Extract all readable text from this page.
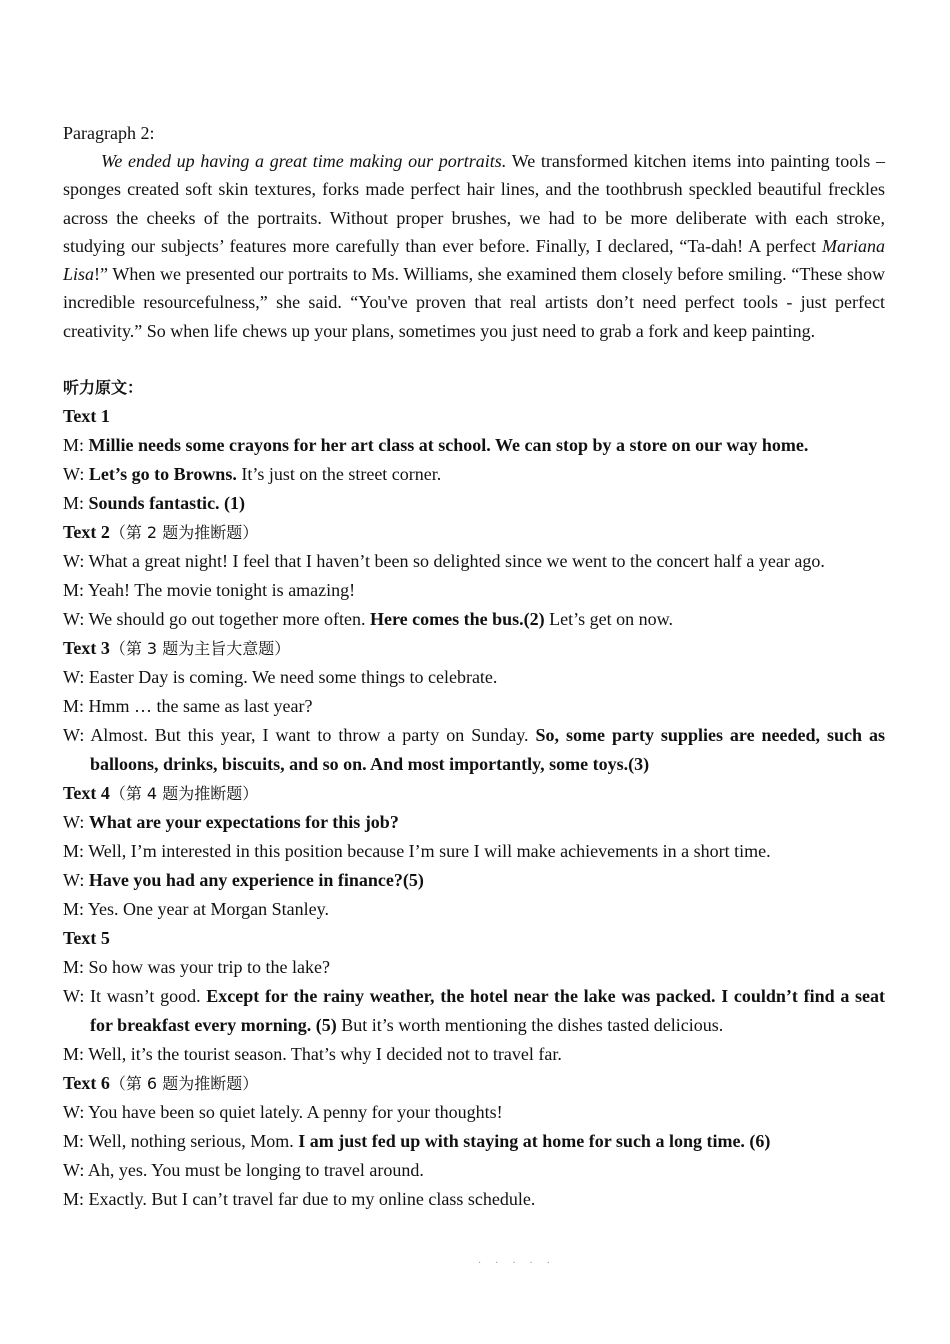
Paragraph 2:

We ended up having a great time making our portraits. We transformed kitchen items into painting tools – sponges created soft skin textures, forks made perfect hair lines, and the toothbrush speckled beautiful freckles across the cheeks of the portraits. Without proper brushes, we had to be more deliberate with each stroke, studying our subjects’ features more carefully than ever before. Finally, I declared, “Ta-dah! A perfect Mariana Lisa!” When we presented our portraits to Ms. Williams, she examined them closely before smiling. “These show incredible resourcefulness,” she said. “You've proven that real artists don’t need perfect tools - just perfect creativity.” So when life chews up your plans, sometimes you just need to grab a fork and keep painting.

听力原文：

Text 1

M: Millie needs some crayons for her art class at school. We can stop by a store on our way home.

W: Let’s go to Browns. It’s just on the street corner.

M: Sounds fantastic. (1)

Text 2（第 2 题为推断题）

W: What a great night! I feel that I haven’t been so delighted since we went to the concert half a year ago.

M: Yeah! The movie tonight is amazing!

W: We should go out together more often. Here comes the bus.(2) Let’s get on now.

Text 3（第 3 题为主旨大意题）

W: Easter Day is coming. We need some things to celebrate.

M: Hmm … the same as last year?

W: Almost. But this year, I want to throw a party on Sunday. So, some party supplies are needed, such as balloons, drinks, biscuits, and so on. And most importantly, some toys.(3)

Text 4（第 4 题为推断题）

W: What are your expectations for this job?

M: Well, I’m interested in this position because I’m sure I will make achievements in a short time.

W: Have you had any experience in finance?(5)

M: Yes. One year at Morgan Stanley.

Text 5

M: So how was your trip to the lake?

W: It wasn’t good. Except for the rainy weather, the hotel near the lake was packed. I couldn’t find a seat for breakfast every morning. (5) But it’s worth mentioning the dishes tasted delicious.

M: Well, it’s the tourist season. That’s why I decided not to travel far.

Text 6（第 6 题为推断题）

W: You have been so quiet lately. A penny for your thoughts!

M: Well, nothing serious, Mom. I am just fed up with staying at home for such a long time. (6)

W: Ah, yes. You must be longing to travel around.

M: Exactly. But I can’t travel far due to my online class schedule.

·····
